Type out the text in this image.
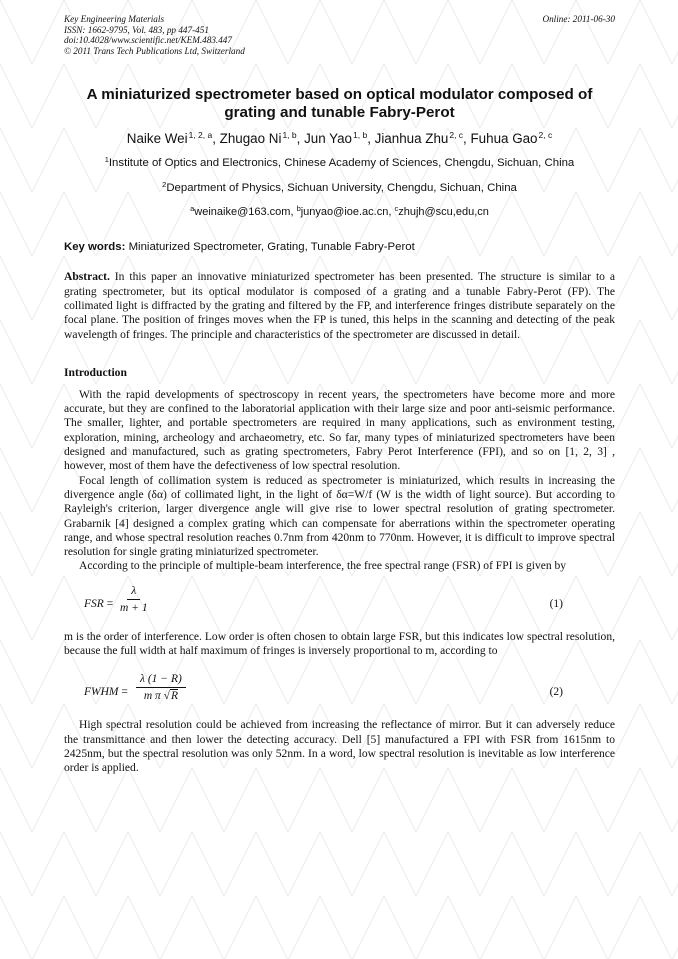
Key Engineering Materials
ISSN: 1662-9795, Vol. 483, pp 447-451
doi:10.4028/www.scientific.net/KEM.483.447
© 2011 Trans Tech Publications Ltd, Switzerland
Online: 2011-06-30
A miniaturized spectrometer based on optical modulator composed of
grating and tunable Fabry-Perot
Naike Wei$^{1, 2, a}$, Zhugao Ni$^{1, b}$, Jun Yao$^{1, b}$, Jianhua Zhu$^{2, c}$, Fuhua Gao$^{2, c}$
$^1$Institute of Optics and Electronics, Chinese Academy of Sciences, Chengdu, Sichuan, China
$^2$Department of Physics, Sichuan University, Chengdu, Sichuan, China
$^a$weinaike@163.com, $^b$junyao@ioe.ac.cn, $^c$zhujh@scu,edu,cn
Key words: Miniaturized Spectrometer, Grating, Tunable Fabry-Perot
Abstract. In this paper an innovative miniaturized spectrometer has been presented. The structure is similar to a grating spectrometer, but its optical modulator is composed of a grating and a tunable Fabry-Perot (FP). The collimated light is diffracted by the grating and filtered by the FP, and interference fringes distribute separately on the focal plane. The position of fringes moves when the FP is tuned, this helps in the scanning and detecting of the peak wavelength of fringes. The principle and characteristics of the spectrometer are discussed in detail.
Introduction
With the rapid developments of spectroscopy in recent years, the spectrometers have become more and more accurate, but they are confined to the laboratorial application with their large size and poor anti-seismic performance. The smaller, lighter, and portable spectrometers are required in many applications, such as environment testing, exploration, mining, archeology and archaeometry, etc. So far, many types of miniaturized spectrometers have been designed and manufactured, such as grating spectrometers, Fabry Perot Interference (FPI), and so on [1, 2, 3] , however, most of them have the defectiveness of low spectral resolution.
Focal length of collimation system is reduced as spectrometer is miniaturized, which results in increasing the divergence angle (δα) of collimated light, in the light of δα=W/f (W is the width of light source). But according to Rayleigh's criterion, larger divergence angle will give rise to lower spectral resolution of grating spectrometer. Grabarnik [4] designed a complex grating which can compensate for aberrations within the spectrometer operating range, and whose spectral resolution reaches 0.7nm from 420nm to 770nm. However, it is difficult to improve spectral resolution for single grating miniaturized spectrometer.
According to the principle of multiple-beam interference, the free spectral range (FSR) of FPI is given by
FSR = $\frac{\lambda}{m + 1}$	(1)
m is the order of interference. Low order is often chosen to obtain large FSR, but this indicates low spectral resolution, because the full width at half maximum of fringes is inversely proportional to m, according to
FWHM = $\frac{\lambda (1 - R)}{\text{m π √R}}$	(2)
High spectral resolution could be achieved from increasing the reflectance of mirror. But it can adversely reduce the transmittance and then lower the detecting accuracy. Dell [5] manufactured a FPI with FSR from 1615nm to 2425nm, but the spectral resolution was only 52nm. In a word, low spectral resolution is inevitable as low interference order is applied.
